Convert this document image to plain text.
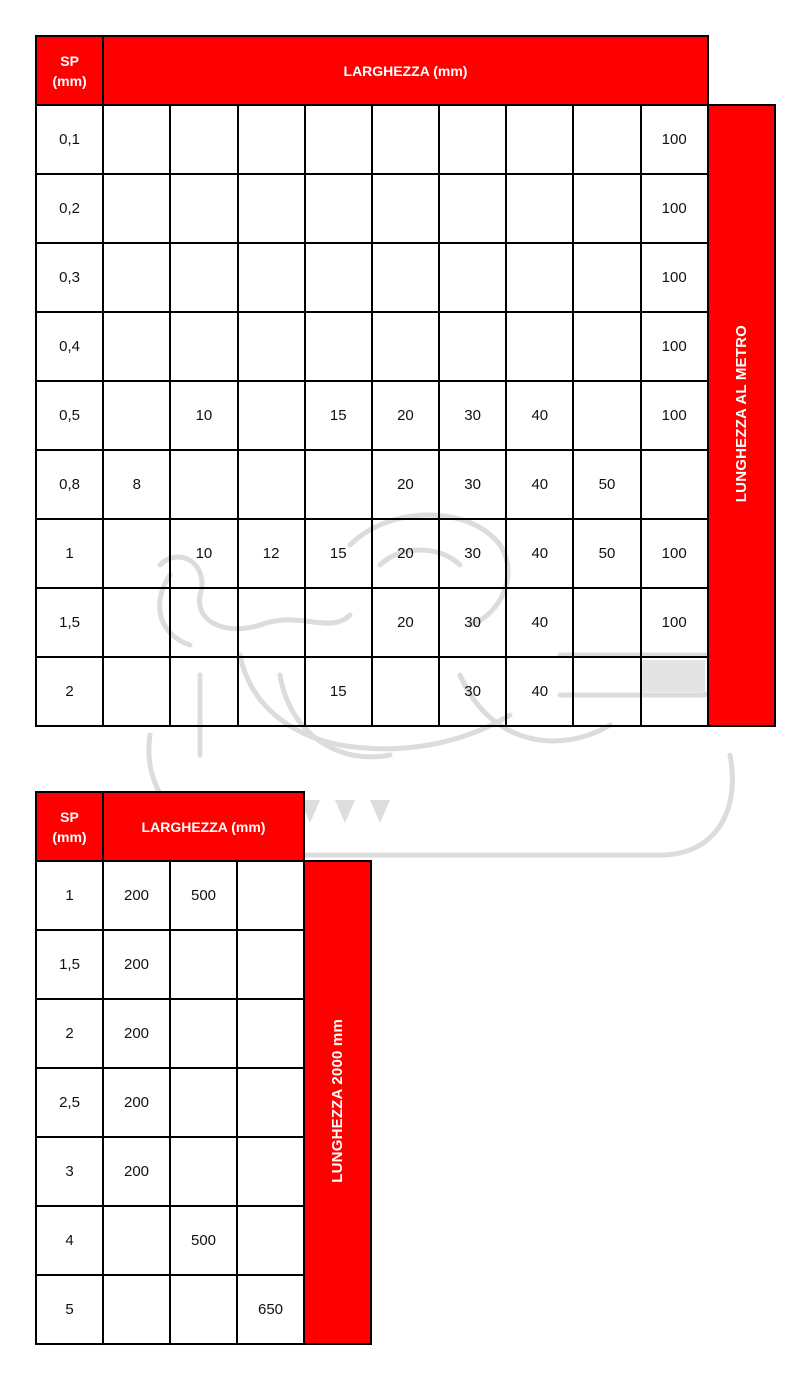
SP
(mm)	LARGHEZZA (mm)									
0,1									100	LUNGHEZZA AL METRO
0,2									100	
0,3									100	
0,4									100	
0,5		10		15	20	30	40		100	
0,8	8				20	30	40	50		
1		10	12	15	20	30	40	50	100	
1,5					20	30	40		100	
2				15		30	40			
SP
(mm)	LARGHEZZA (mm)			
1	200	500		LUNGHEZZA 2000 mm
1,5	200			
2	200			
2,5	200			
3	200			
4		500		
5			650	
